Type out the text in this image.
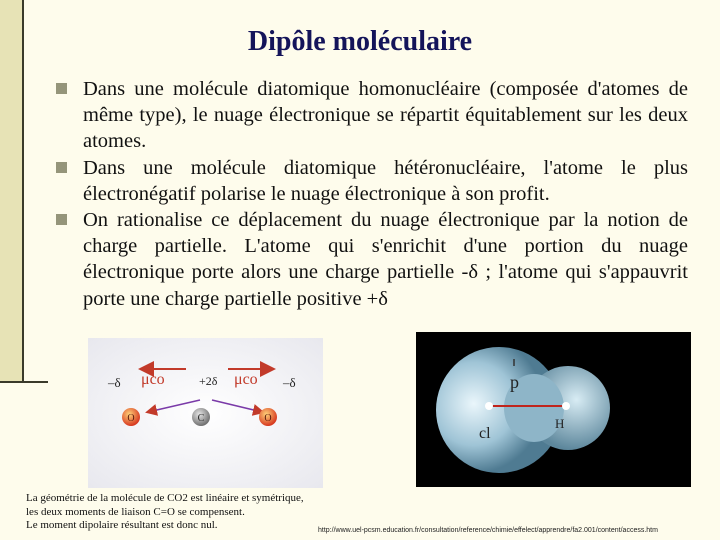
Dipôle moléculaire
Dans une molécule diatomique homonucléaire (composée d'atomes de même type), le nuage électronique se répartit équitablement sur les deux atomes.
Dans une molécule diatomique hétéronucléaire, l'atome le plus électronégatif polarise le nuage électronique à son profit.
On rationalise ce déplacement du nuage électronique par la notion de charge partielle. L'atome qui s'enrichit d'une portion du nuage électronique porte alors une charge partielle -δ ; l'atome qui s'appauvrit porte une charge partielle positive +δ
–δ	+2δ	–δ
μco	μco
O	C	O
p
cl
H

La géométrie de la molécule de CO2 est linéaire et symétrique,
les deux moments de liaison C=O se compensent.
Le moment dipolaire résultant est donc nul.	http://www.uel-pcsm.education.fr/consultation/reference/chimie/effelect/apprendre/fa2.001/content/access.htm
